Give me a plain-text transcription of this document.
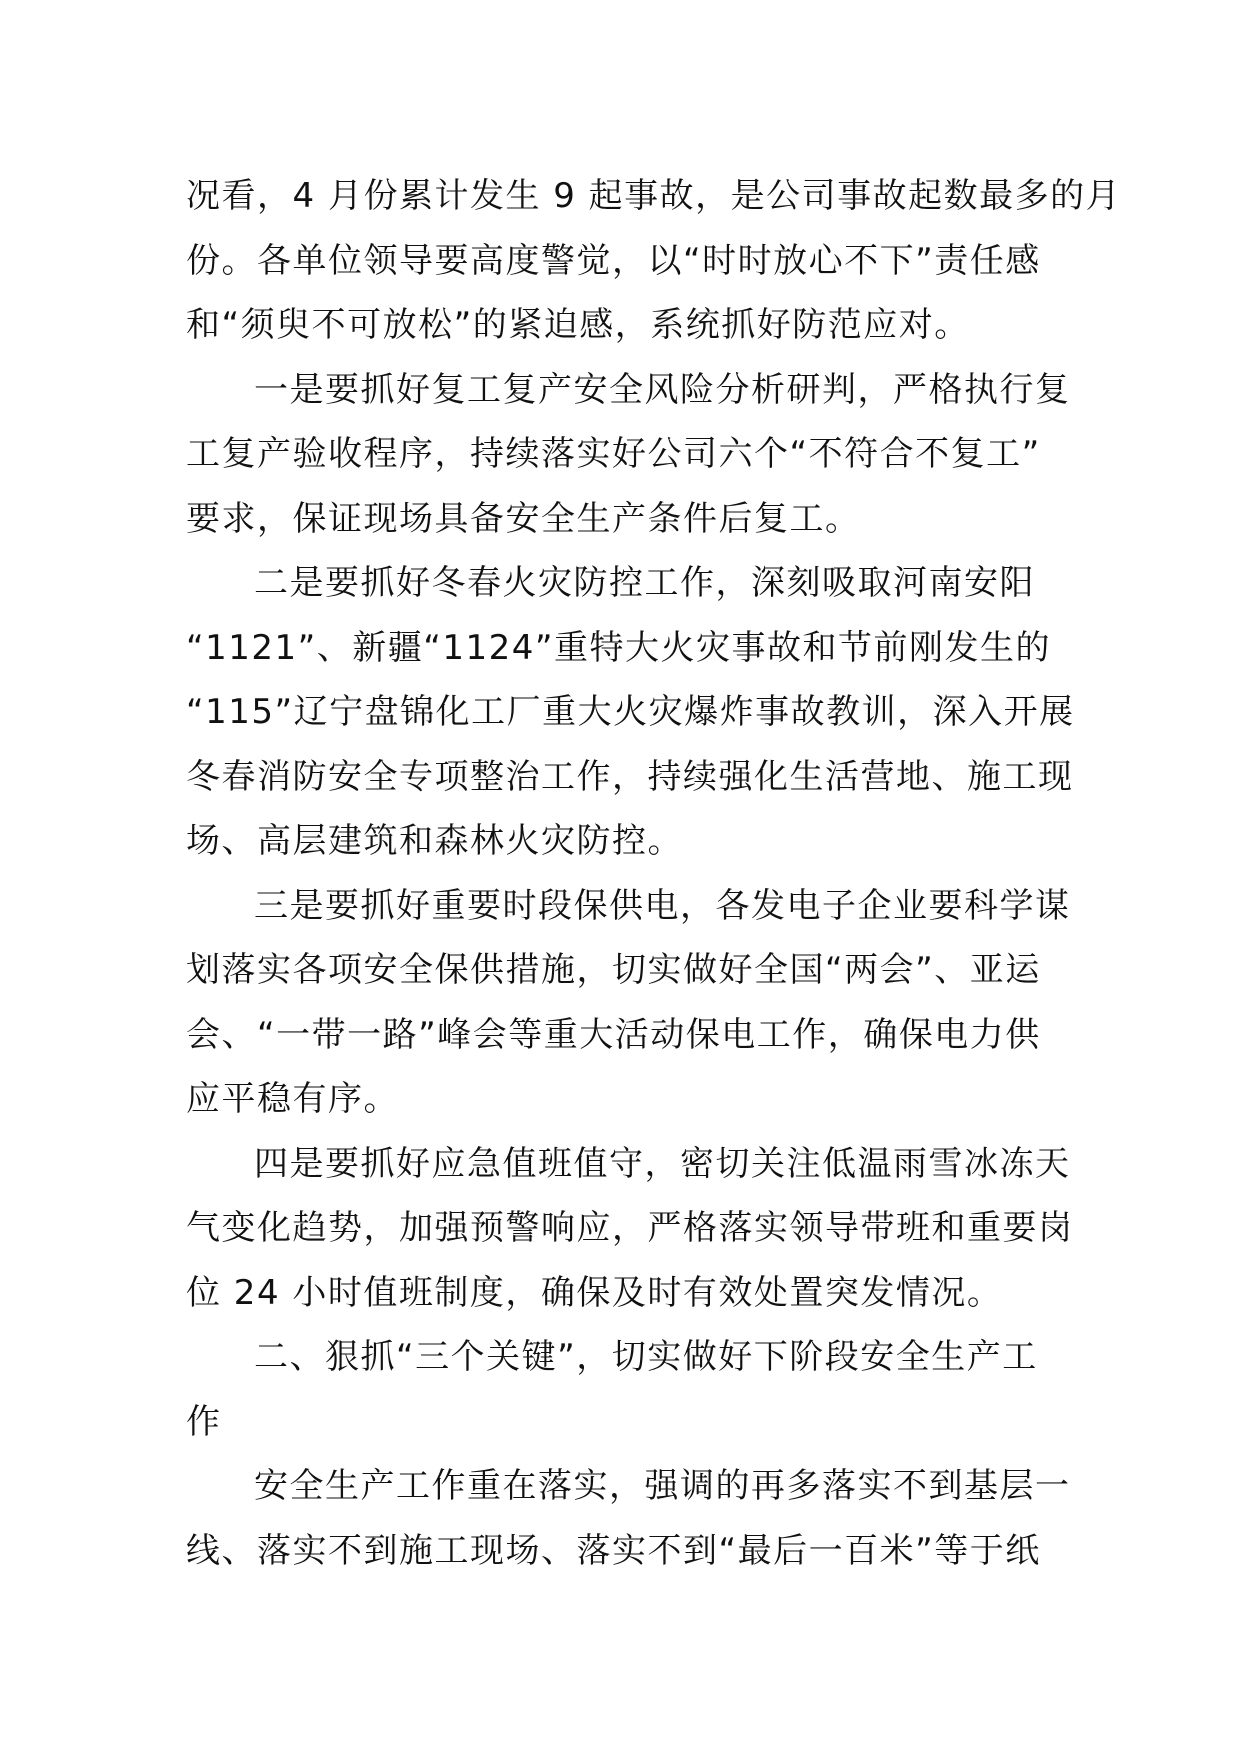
况看，4 月份累计发生 9 起事故，是公司事故起数最多的月
份。各单位领导要高度警觉，以“时时放心不下”责任感
和“须臾不可放松”的紧迫感，系统抓好防范应对。
一是要抓好复工复产安全风险分析研判，严格执行复
工复产验收程序，持续落实好公司六个“不符合不复工”
要求，保证现场具备安全生产条件后复工。
二是要抓好冬春火灾防控工作，深刻吸取河南安阳
“1121”、新疆“1124”重特大火灾事故和节前刚发生的
“115”辽宁盘锦化工厂重大火灾爆炸事故教训，深入开展
冬春消防安全专项整治工作，持续强化生活营地、施工现
场、高层建筑和森林火灾防控。
三是要抓好重要时段保供电，各发电子企业要科学谋
划落实各项安全保供措施，切实做好全国“两会”、亚运
会、“一带一路”峰会等重大活动保电工作，确保电力供
应平稳有序。
四是要抓好应急值班值守，密切关注低温雨雪冰冻天
气变化趋势，加强预警响应，严格落实领导带班和重要岗
位 24 小时值班制度，确保及时有效处置突发情况。
二、狠抓“三个关键”，切实做好下阶段安全生产工
作
安全生产工作重在落实，强调的再多落实不到基层一
线、落实不到施工现场、落实不到“最后一百米”等于纸
